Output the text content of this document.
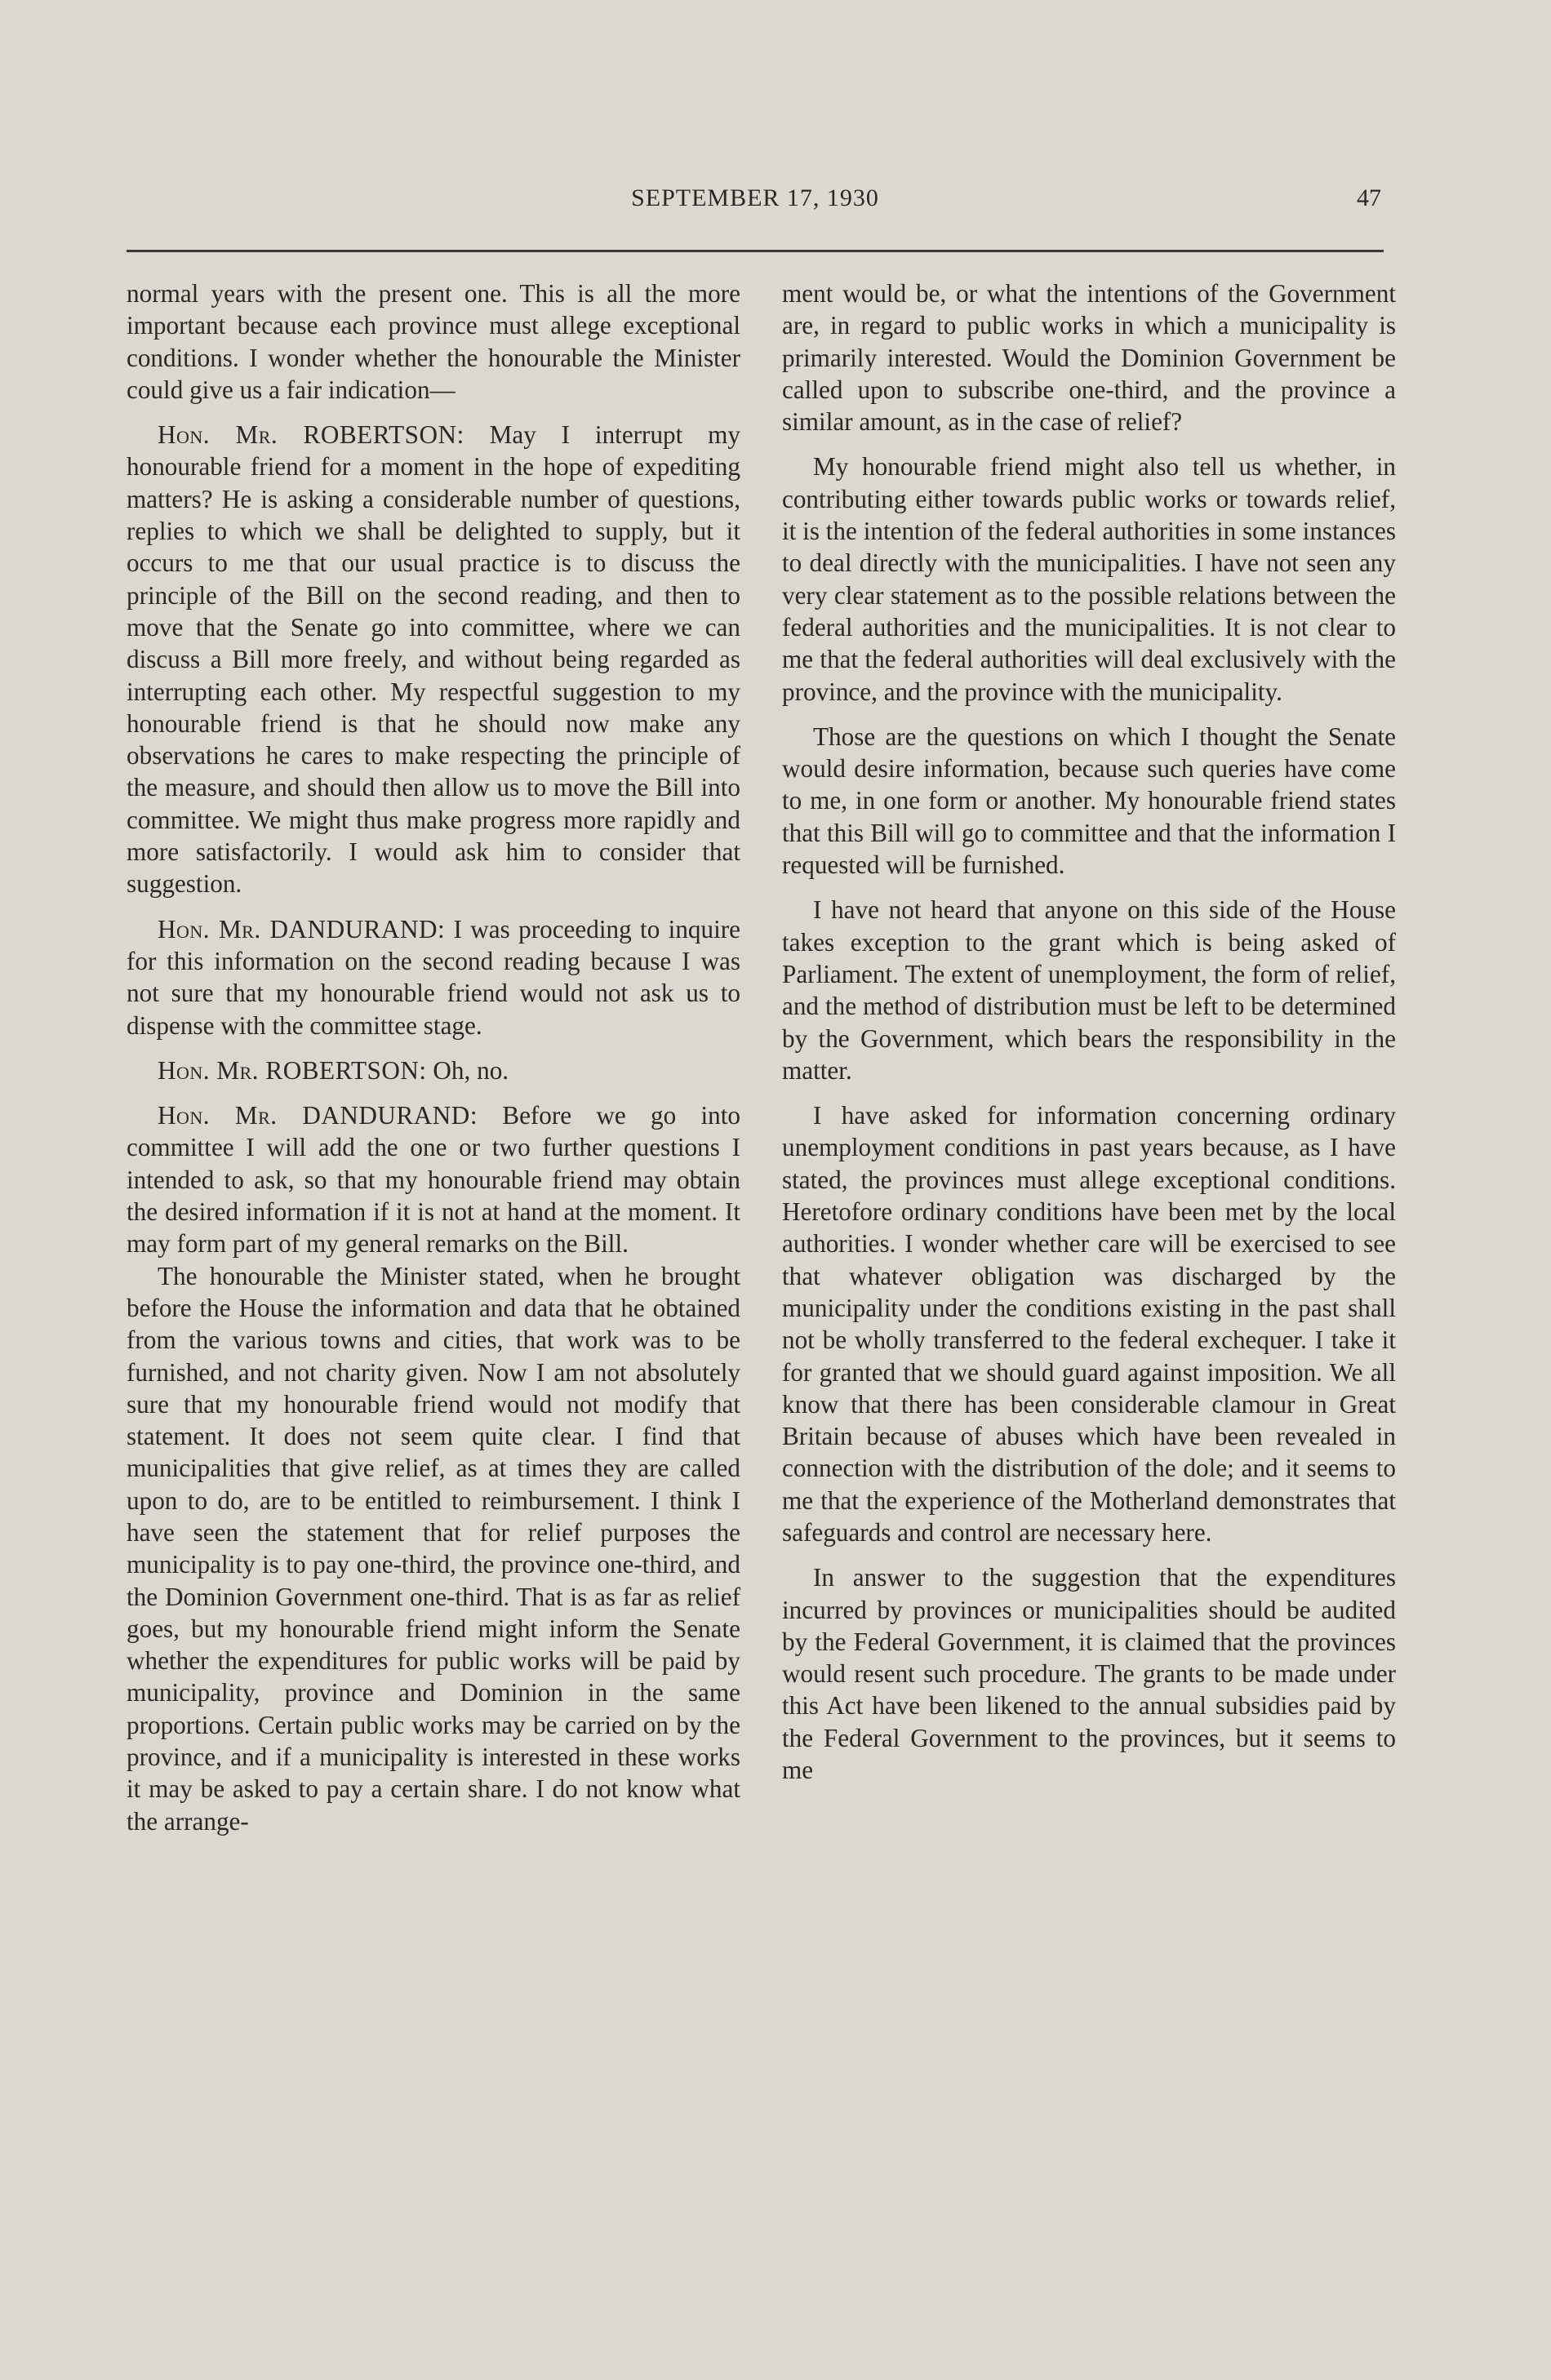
SEPTEMBER 17, 1930	47

normal years with the present one. This is all the more important because each province must allege exceptional conditions. I wonder whether the honourable the Minister could give us a fair indication—

Hon. Mr. ROBERTSON: May I interrupt my honourable friend for a moment in the hope of expediting matters? He is asking a considerable number of questions, replies to which we shall be delighted to supply, but it occurs to me that our usual practice is to discuss the principle of the Bill on the second reading, and then to move that the Senate go into committee, where we can discuss a Bill more freely, and without being regarded as interrupting each other. My respectful suggestion to my honourable friend is that he should now make any observations he cares to make respecting the principle of the measure, and should then allow us to move the Bill into committee. We might thus make progress more rapidly and more satisfactorily. I would ask him to consider that suggestion.

Hon. Mr. DANDURAND: I was proceeding to inquire for this information on the second reading because I was not sure that my honourable friend would not ask us to dispense with the committee stage.

Hon. Mr. ROBERTSON: Oh, no.

Hon. Mr. DANDURAND: Before we go into committee I will add the one or two further questions I intended to ask, so that my honourable friend may obtain the desired information if it is not at hand at the moment. It may form part of my general remarks on the Bill.

The honourable the Minister stated, when he brought before the House the information and data that he obtained from the various towns and cities, that work was to be furnished, and not charity given. Now I am not absolutely sure that my honourable friend would not modify that statement. It does not seem quite clear. I find that municipalities that give relief, as at times they are called upon to do, are to be entitled to reimbursement. I think I have seen the statement that for relief purposes the municipality is to pay one-third, the province one-third, and the Dominion Government one-third. That is as far as relief goes, but my honourable friend might inform the Senate whether the expenditures for public works will be paid by municipality, province and Dominion in the same proportions. Certain public works may be carried on by the province, and if a municipality is interested in these works it may be asked to pay a certain share. I do not know what the arrange-

ment would be, or what the intentions of the Government are, in regard to public works in which a municipality is primarily interested. Would the Dominion Government be called upon to subscribe one-third, and the province a similar amount, as in the case of relief?

My honourable friend might also tell us whether, in contributing either towards public works or towards relief, it is the intention of the federal authorities in some instances to deal directly with the municipalities. I have not seen any very clear statement as to the possible relations between the federal authorities and the municipalities. It is not clear to me that the federal authorities will deal exclusively with the province, and the province with the municipality.

Those are the questions on which I thought the Senate would desire information, because such queries have come to me, in one form or another. My honourable friend states that this Bill will go to committee and that the information I requested will be furnished.

I have not heard that anyone on this side of the House takes exception to the grant which is being asked of Parliament. The extent of unemployment, the form of relief, and the method of distribution must be left to be determined by the Government, which bears the responsibility in the matter.

I have asked for information concerning ordinary unemployment conditions in past years because, as I have stated, the provinces must allege exceptional conditions. Heretofore ordinary conditions have been met by the local authorities. I wonder whether care will be exercised to see that whatever obligation was discharged by the municipality under the conditions existing in the past shall not be wholly transferred to the federal exchequer. I take it for granted that we should guard against imposition. We all know that there has been considerable clamour in Great Britain because of abuses which have been revealed in connection with the distribution of the dole; and it seems to me that the experience of the Motherland demonstrates that safeguards and control are necessary here.

In answer to the suggestion that the expenditures incurred by provinces or municipalities should be audited by the Federal Government, it is claimed that the provinces would resent such procedure. The grants to be made under this Act have been likened to the annual subsidies paid by the Federal Government to the provinces, but it seems to me
